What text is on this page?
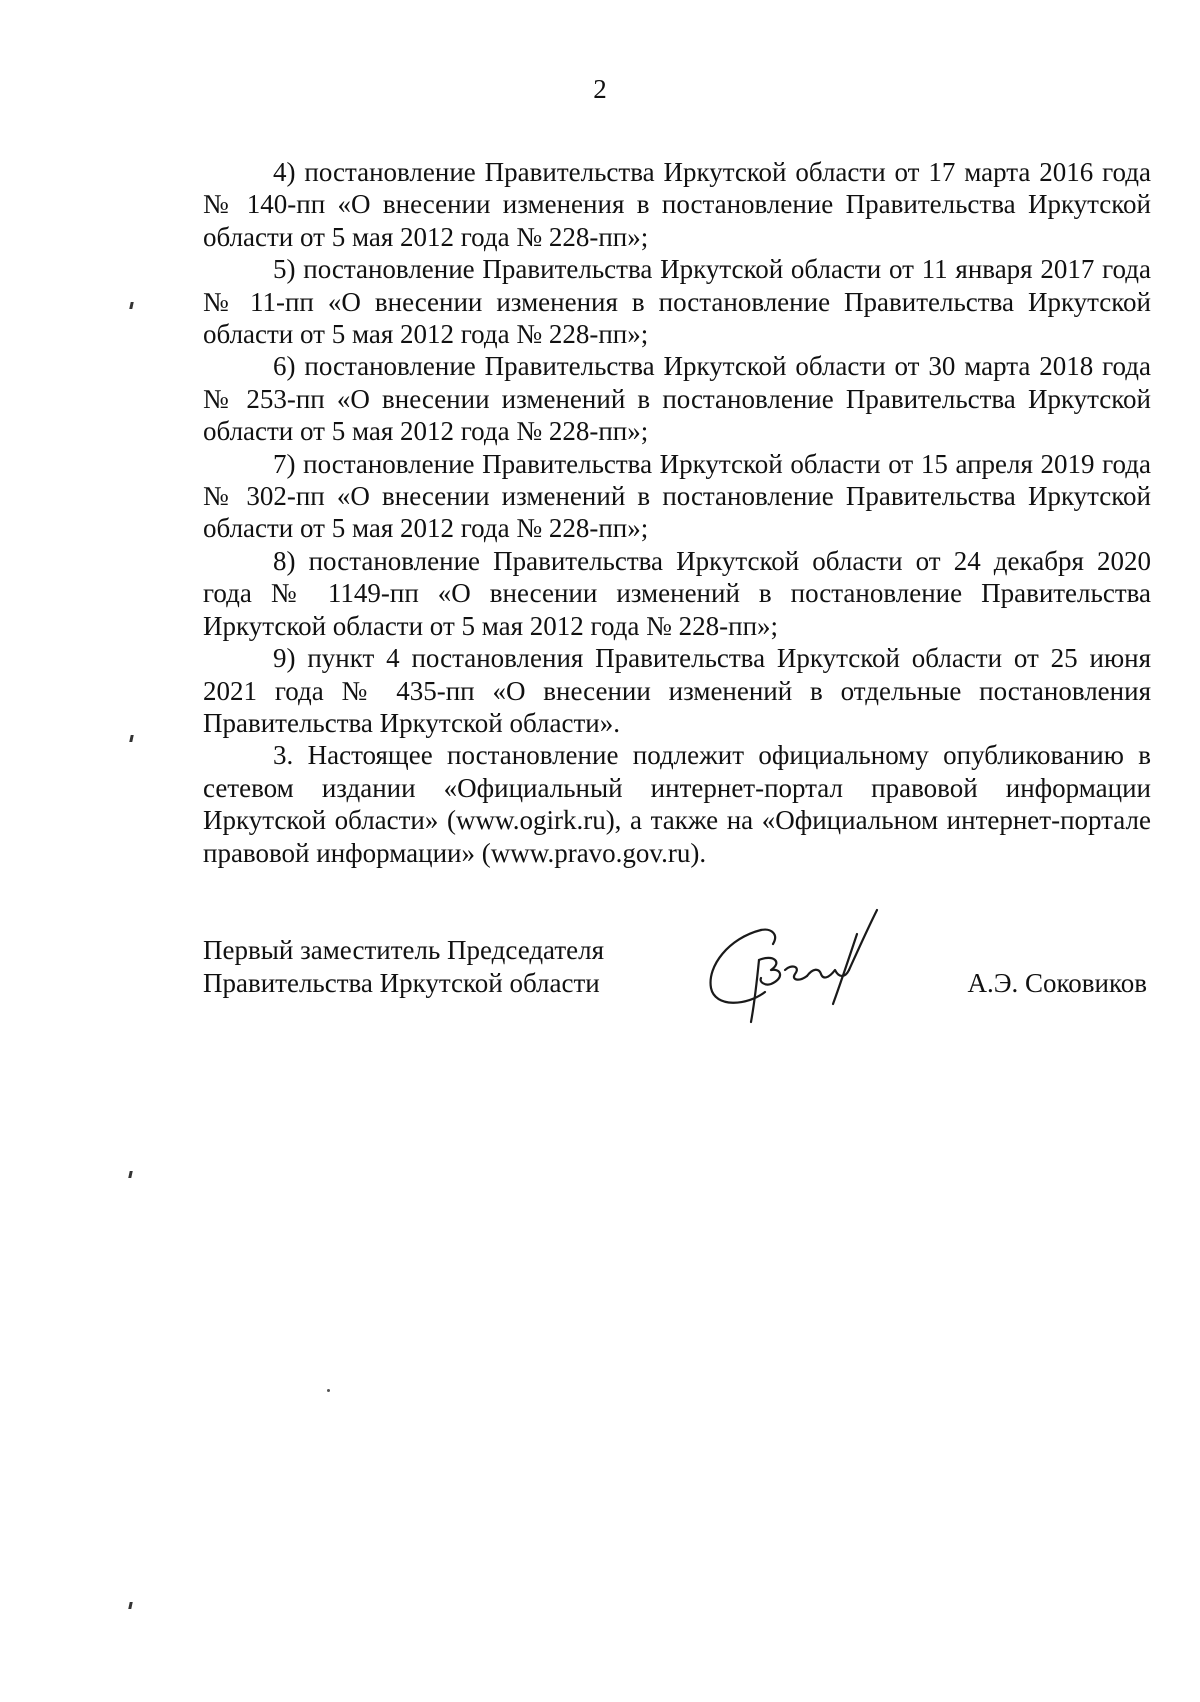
2

4) постановление Правительства Иркутской области от 17 марта 2016 года № 140-пп «О внесении изменения в постановление Правительства Иркутской области от 5 мая 2012 года № 228-пп»;

5) постановление Правительства Иркутской области от 11 января 2017 года № 11-пп «О внесении изменения в постановление Правительства Иркутской области от 5 мая 2012 года № 228-пп»;

6) постановление Правительства Иркутской области от 30 марта 2018 года № 253-пп «О внесении изменений в постановление Правительства Иркутской области от 5 мая 2012 года № 228-пп»;

7) постановление Правительства Иркутской области от 15 апреля 2019 года № 302-пп «О внесении изменений в постановление Правительства Иркутской области от 5 мая 2012 года № 228-пп»;

8) постановление Правительства Иркутской области от 24 декабря 2020 года № 1149-пп «О внесении изменений в постановление Правительства Иркутской области от 5 мая 2012 года № 228-пп»;

9) пункт 4 постановления Правительства Иркутской области от 25 июня 2021 года № 435-пп «О внесении изменений в отдельные постановления Правительства Иркутской области».

3. Настоящее постановление подлежит официальному опубликованию в сетевом издании «Официальный интернет-портал правовой информации Иркутской области» (www.ogirk.ru), а также на «Официальном интернет-портале правовой информации» (www.pravo.gov.ru).

Первый заместитель Председателя
Правительства Иркутской области	А.Э. Соковиков
